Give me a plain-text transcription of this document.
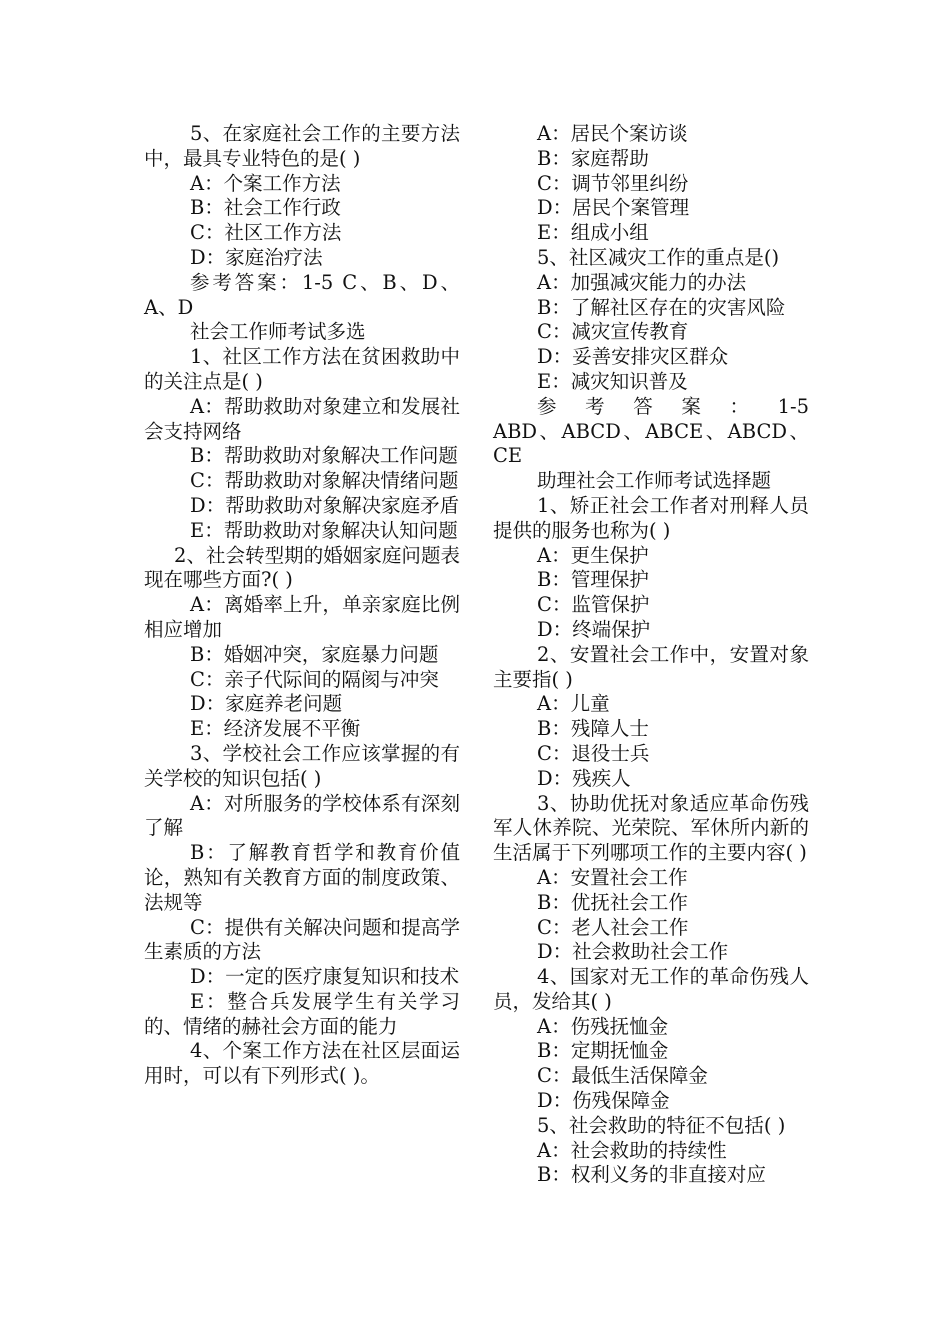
5、在家庭社会工作的主要方法中，最具专业特色的是( )

A：个案工作方法

B：社会工作行政

C：社区工作方法

D：家庭治疗法

参考答案：1-5 C、B、D、A、D

社会工作师考试多选

1、社区工作方法在贫困救助中的关注点是( )

A：帮助救助对象建立和发展社会支持网络

B：帮助救助对象解决工作问题

C：帮助救助对象解决情绪问题

D：帮助救助对象解决家庭矛盾

E：帮助救助对象解决认知问题

2、社会转型期的婚姻家庭问题表现在哪些方面?( )

A：离婚率上升，单亲家庭比例相应增加

B：婚姻冲突，家庭暴力问题

C：亲子代际间的隔阂与冲突

D：家庭养老问题

E：经济发展不平衡

3、学校社会工作应该掌握的有关学校的知识包括( )

A：对所服务的学校体系有深刻了解

B：了解教育哲学和教育价值论，熟知有关教育方面的制度政策、法规等

C：提供有关解决问题和提高学生素质的方法

D：一定的医疗康复知识和技术

E：整合兵发展学生有关学习的、情绪的赫社会方面的能力

4、个案工作方法在社区层面运用时，可以有下列形式( )。

A：居民个案访谈

B：家庭帮助

C：调节邻里纠纷

D：居民个案管理

E：组成小组

5、社区减灾工作的重点是()

A：加强减灾能力的办法

B：了解社区存在的灾害风险

C：减灾宣传教育

D：妥善安排灾区群众

E：减灾知识普及

参考答案：1-5

ABD、ABCD、ABCE、ABCD、CE

助理社会工作师考试选择题

1、矫正社会工作者对刑释人员提供的服务也称为( )

A：更生保护

B：管理保护

C：监管保护

D：终端保护

2、安置社会工作中，安置对象主要指( )

A：儿童

B：残障人士

C：退役士兵

D：残疾人

3、协助优抚对象适应革命伤残军人休养院、光荣院、军休所内新的生活属于下列哪项工作的主要内容( )

A：安置社会工作

B：优抚社会工作

C：老人社会工作

D：社会救助社会工作

4、国家对无工作的革命伤残人员，发给其( )

A：伤残抚恤金

B：定期抚恤金

C：最低生活保障金

D：伤残保障金

5、社会救助的特征不包括( )

A：社会救助的持续性

B：权利义务的非直接对应
